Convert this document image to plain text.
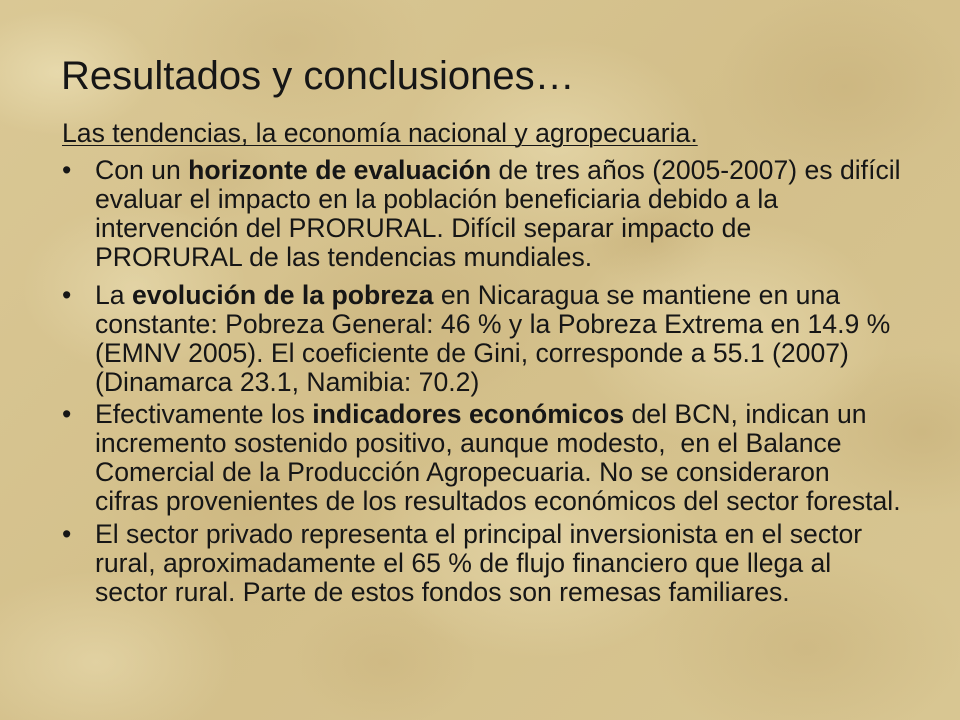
Resultados y conclusiones…
Las tendencias, la economía nacional y agropecuaria.
• Con un horizonte de evaluación de tres años (2005-2007) es difícil
evaluar el impacto en la población beneficiaria debido a la
intervención del PRORURAL. Difícil separar impacto de
PRORURAL de las tendencias mundiales.
• La evolución de la pobreza en Nicaragua se mantiene en una
constante: Pobreza General: 46 % y la Pobreza Extrema en 14.9 %
(EMNV 2005). El coeficiente de Gini, corresponde a 55.1 (2007)
(Dinamarca 23.1, Namibia: 70.2)
• Efectivamente los indicadores económicos del BCN, indican un
incremento sostenido positivo, aunque modesto,  en el Balance
Comercial de la Producción Agropecuaria. No se consideraron
cifras provenientes de los resultados económicos del sector forestal.
• El sector privado representa el principal inversionista en el sector
rural, aproximadamente el 65 % de flujo financiero que llega al
sector rural. Parte de estos fondos son remesas familiares.
